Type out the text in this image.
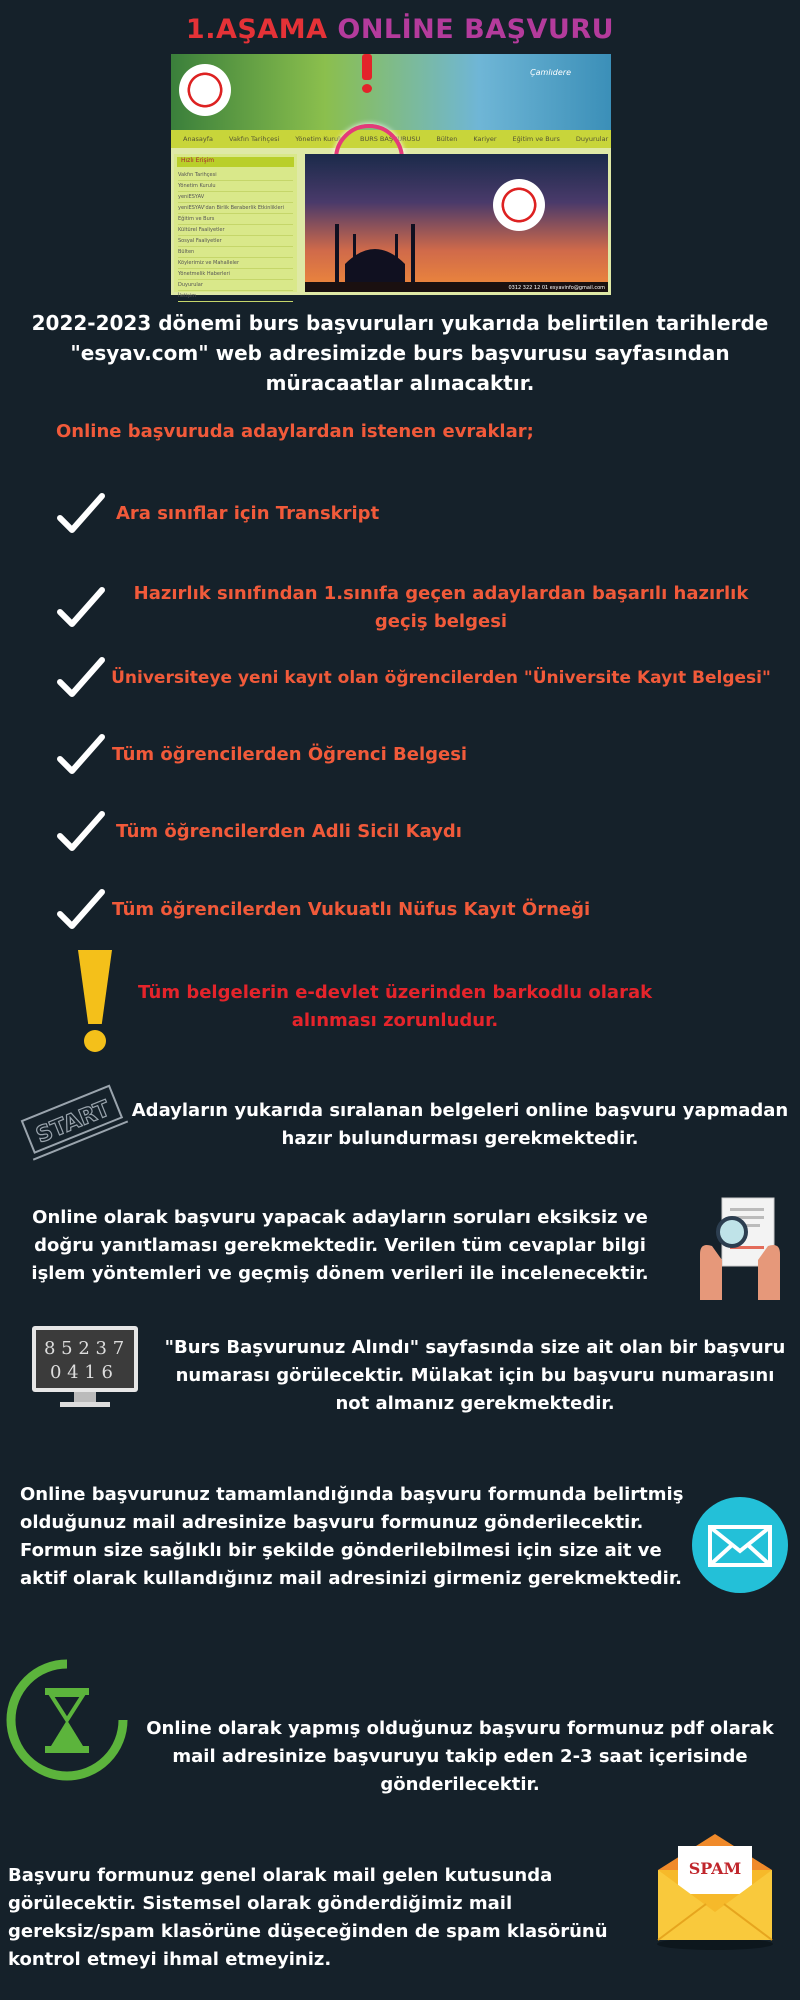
1.AŞAMA ONLİNE BAŞVURU
Çamlıdere
Anasayfa	Vakfın Tarihçesi	Yönetim Kurulu	BURS BAŞVURUSU	Bülten	Kariyer	Eğitim ve Burs	Duyurular
Hızlı Erişim
Vakfın Tarihçesi
Yönetim Kurulu
yeniESYAV
yeniESYAV'dan Birlik Beraberlik Etkinlikleri
Eğitim ve Burs
Kültürel Faaliyetler
Sosyal Faaliyetler
Bülten
Köylerimiz ve Mahalleler
Yönetmelik Haberleri
Duyurular
İletişim
0312 322 12 01 esyavinfo@gmail.com
2022-2023 dönemi burs başvuruları yukarıda belirtilen tarihlerde "esyav.com" web adresimizde burs başvurusu sayfasından müracaatlar alınacaktır.
Online başvuruda adaylardan istenen evraklar;
Ara sınıflar için Transkript
Hazırlık sınıfından 1.sınıfa geçen adaylardan başarılı hazırlık geçiş belgesi
Üniversiteye yeni kayıt olan öğrencilerden "Üniversite Kayıt Belgesi"
Tüm öğrencilerden Öğrenci Belgesi
Tüm öğrencilerden Adli Sicil Kaydı
Tüm öğrencilerden Vukuatlı Nüfus Kayıt Örneği
Tüm belgelerin e-devlet üzerinden barkodlu olarak alınması zorunludur.
START Adayların yukarıda sıralanan belgeleri online başvuru yapmadan hazır bulundurması gerekmektedir.
Online olarak başvuru yapacak adayların soruları eksiksiz ve doğru yanıtlaması gerekmektedir. Verilen tüm cevaplar bilgi işlem yöntemleri ve geçmiş dönem verileri ile incelenecektir.
8 5 2 3 7
0 4 1 6
"Burs Başvurunuz Alındı" sayfasında size ait olan bir başvuru numarası görülecektir. Mülakat için bu başvuru numarasını not almanız gerekmektedir.
Online başvurunuz tamamlandığında başvuru formunda belirtmiş olduğunuz mail adresinize başvuru formunuz gönderilecektir. Formun size sağlıklı bir şekilde gönderilebilmesi için size ait ve aktif olarak kullandığınız mail adresinizi girmeniz gerekmektedir.
Online olarak yapmış olduğunuz başvuru formunuz pdf olarak mail adresinize başvuruyu takip eden 2-3 saat içerisinde gönderilecektir.
Başvuru formunuz genel olarak mail gelen kutusunda görülecektir. Sistemsel olarak gönderdiğimiz mail gereksiz/spam klasörüne düşeceğinden de spam klasörünü kontrol etmeyi ihmal etmeyiniz.
SPAM
